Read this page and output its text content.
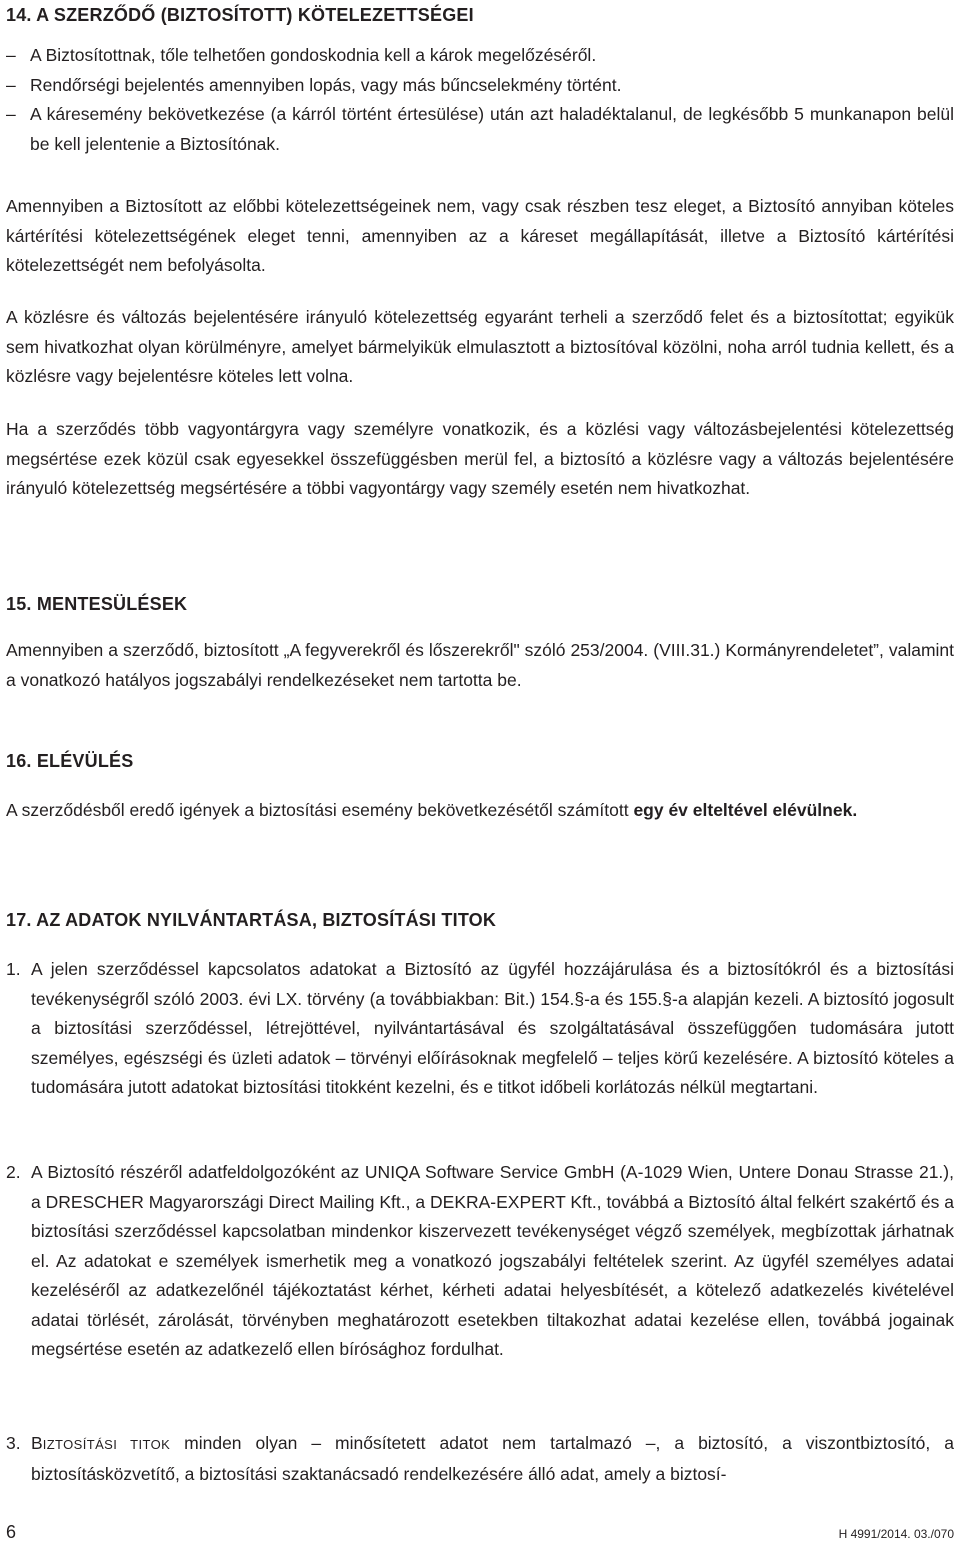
14. A SZERZŐDŐ (BIZTOSÍTOTT) KÖTELEZETTSÉGEI
– A Biztosítottnak, tőle telhetően gondoskodnia kell a károk megelőzéséről.
– Rendőrségi bejelentés amennyiben lopás, vagy más bűncselekmény történt.
– A káresemény bekövetkezése (a kárról történt értesülése) után azt haladéktalanul, de legkésőbb 5 munkanapon belül be kell jelentenie a Biztosítónak.

Amennyiben a Biztosított az előbbi kötelezettségeinek nem, vagy csak részben tesz eleget, a Biztosító annyiban köteles kártérítési kötelezettségének eleget tenni, amennyiben az a káreset megállapítását, illetve a Biztosító kártérítési kötelezettségét nem befolyásolta.

A közlésre és változás bejelentésére irányuló kötelezettség egyaránt terheli a szerződő felet és a biztosítottat; egyikük sem hivatkozhat olyan körülményre, amelyet bármelyikük elmulasztott a biztosítóval közölni, noha arról tudnia kellett, és a közlésre vagy bejelentésre köteles lett volna.

Ha a szerződés több vagyontárgyra vagy személyre vonatkozik, és a közlési vagy változásbejelentési kötelezettség megsértése ezek közül csak egyesekkel összefüggésben merül fel, a biztosító a közlésre vagy a változás bejelentésére irányuló kötelezettség megsértésére a többi vagyontárgy vagy személy esetén nem hivatkozhat.

15. MENTESÜLÉSEK

Amennyiben a szerződő, biztosított „A fegyverekről és lőszerekről" szóló 253/2004. (VIII.31.) Kormányrendeletet”, valamint a vonatkozó hatályos jogszabályi rendelkezéseket nem tartotta be.

16. ELÉVÜLÉS

A szerződésből eredő igények a biztosítási esemény bekövetkezésétől számított egy év elteltével elévülnek.

17. AZ ADATOK NYILVÁNTARTÁSA, BIZTOSÍTÁSI TITOK
1. A jelen szerződéssel kapcsolatos adatokat a Biztosító az ügyfél hozzájárulása és a biztosítókról és a biztosítási tevékenységről szóló 2003. évi LX. törvény (a továbbiakban: Bit.) 154.§-a és 155.§-a alapján kezeli. A biztosító jogosult a biztosítási szerződéssel, létrejöttével, nyilvántartásával és szolgáltatásával összefüggően tudomására jutott személyes, egészségi és üzleti adatok – törvényi előírásoknak megfelelő – teljes körű kezelésére. A biztosító köteles a tudomására jutott adatokat biztosítási titokként kezelni, és e titkot időbeli korlátozás nélkül megtartani.
2. A Biztosító részéről adatfeldolgozóként az UNIQA Software Service GmbH (A-1029 Wien, Untere Donau Strasse 21.), a DRESCHER Magyarországi Direct Mailing Kft., a DEKRA-EXPERT Kft., továbbá a Biztosító által felkért szakértő és a biztosítási szerződéssel kapcsolatban mindenkor kiszervezett tevékenységet végző személyek, megbízottak járhatnak el. Az adatokat e személyek ismerhetik meg a vonatkozó jogszabályi feltételek szerint. Az ügyfél személyes adatai kezeléséről az adatkezelőnél tájékoztatást kérhet, kérheti adatai helyesbítését, a kötelező adatkezelés kivételével adatai törlését, zárolását, törvényben meghatározott esetekben tiltakozhat adatai kezelése ellen, továbbá jogainak megsértése esetén az adatkezelő ellen bírósághoz fordulhat.
3. BIZTOSÍTÁSI TITOK minden olyan – minősítetett adatot nem tartalmazó –, a biztosító, a viszontbiztosító, a biztosításközvetítő, a biztosítási szaktanácsadó rendelkezésére álló adat, amely a biztosí-
6	H 4991/2014. 03./070
